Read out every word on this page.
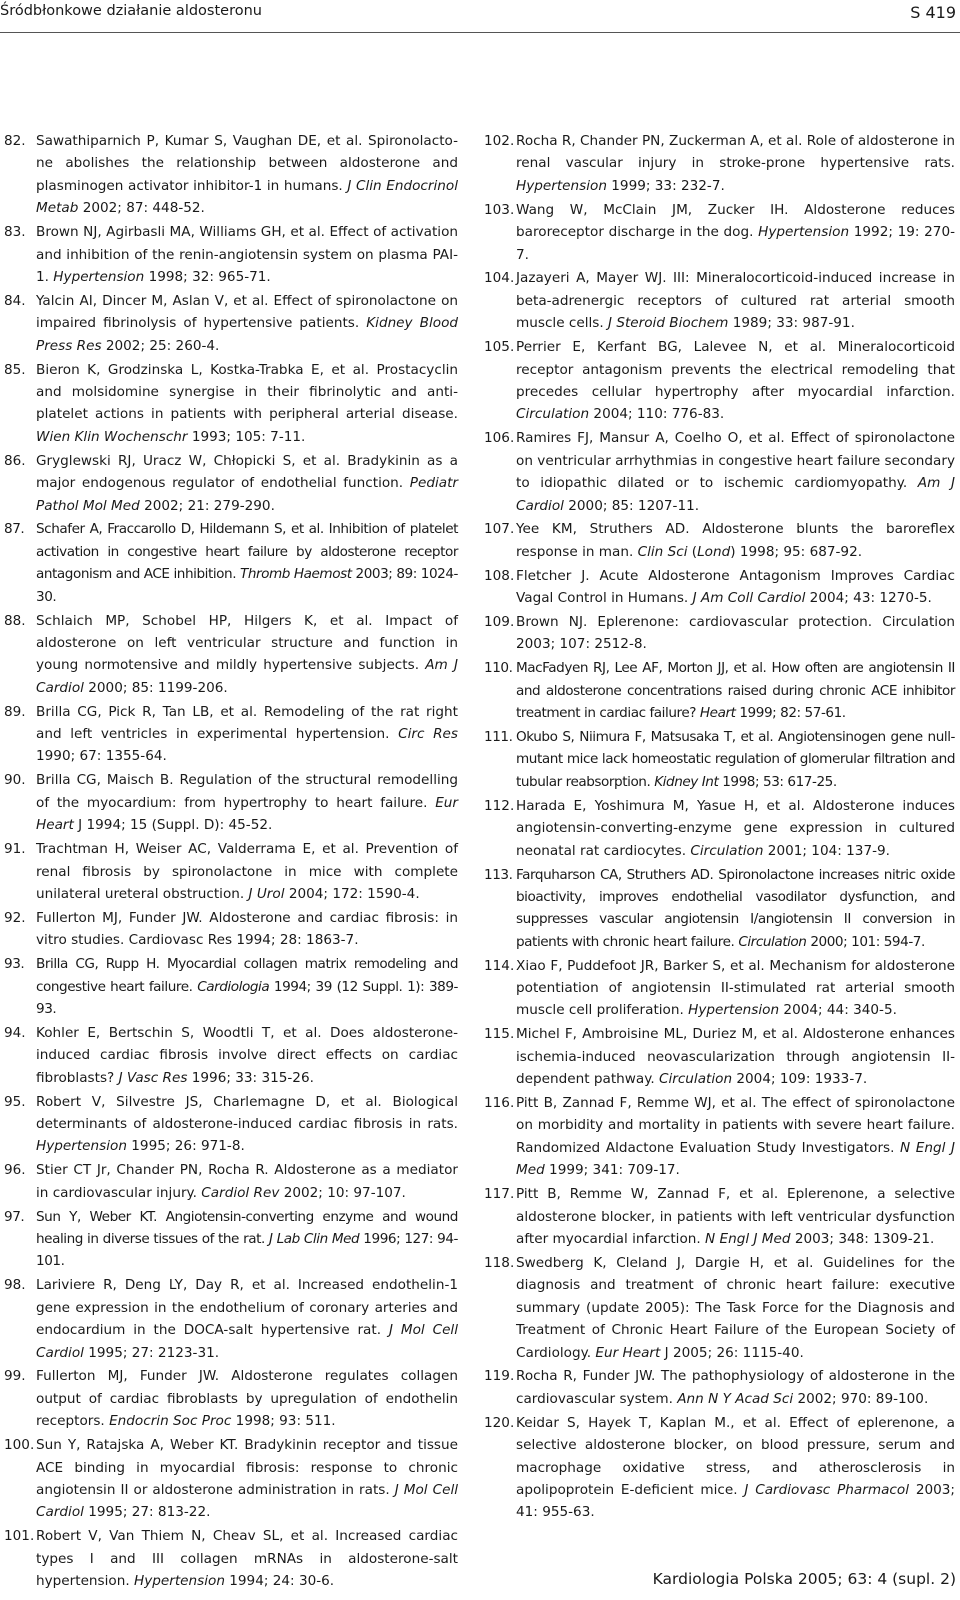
Śródbłonkowe działanie aldosteronu	S 419
82. Sawathiparnich P, Kumar S, Vaughan DE, et al. Spironolacto-ne abolishes the relationship between aldosterone and plasminogen activator inhibitor-1 in humans. J Clin Endocrinol Metab 2002; 87: 448-52.
83. Brown NJ, Agirbasli MA, Williams GH, et al. Effect of activation and inhibition of the renin-angiotensin system on plasma PAI-1. Hypertension 1998; 32: 965-71.
84. Yalcin AI, Dincer M, Aslan V, et al. Effect of spironolactone on impaired fibrinolysis of hypertensive patients. Kidney Blood Press Res 2002; 25: 260-4.
85. Bieron K, Grodzinska L, Kostka-Trabka E, et al. Prostacyclin and molsidomine synergise in their fibrinolytic and anti-platelet actions in patients with peripheral arterial disease. Wien Klin Wochenschr 1993; 105: 7-11.
86. Gryglewski RJ, Uracz W, Chłopicki S, et al. Bradykinin as a major endogenous regulator of endothelial function. Pediatr Pathol Mol Med 2002; 21: 279-290.
87. Schafer A, Fraccarollo D, Hildemann S, et al. Inhibition of platelet activation in congestive heart failure by aldosterone receptor antagonism and ACE inhibition. Thromb Haemost 2003; 89: 1024-30.
88. Schlaich MP, Schobel HP, Hilgers K, et al. Impact of aldosterone on left ventricular structure and function in young normotensive and mildly hypertensive subjects. Am J Cardiol 2000; 85: 1199-206.
89. Brilla CG, Pick R, Tan LB, et al. Remodeling of the rat right and left ventricles in experimental hypertension. Circ Res 1990; 67: 1355-64.
90. Brilla CG, Maisch B. Regulation of the structural remodelling of the myocardium: from hypertrophy to heart failure. Eur Heart J 1994; 15 (Suppl. D): 45-52.
91. Trachtman H, Weiser AC, Valderrama E, et al. Prevention of renal fibrosis by spironolactone in mice with complete unilateral ureteral obstruction. J Urol 2004; 172: 1590-4.
92. Fullerton MJ, Funder JW. Aldosterone and cardiac fibrosis: in vitro studies. Cardiovasc Res 1994; 28: 1863-7.
93. Brilla CG, Rupp H. Myocardial collagen matrix remodeling and congestive heart failure. Cardiologia 1994; 39 (12 Suppl. 1): 389-93.
94. Kohler E, Bertschin S, Woodtli T, et al. Does aldosterone-induced cardiac fibrosis involve direct effects on cardiac fibroblasts? J Vasc Res 1996; 33: 315-26.
95. Robert V, Silvestre JS, Charlemagne D, et al. Biological determinants of aldosterone-induced cardiac fibrosis in rats. Hypertension 1995; 26: 971-8.
96. Stier CT Jr, Chander PN, Rocha R. Aldosterone as a mediator in cardiovascular injury. Cardiol Rev 2002; 10: 97-107.
97. Sun Y, Weber KT. Angiotensin-converting enzyme and wound healing in diverse tissues of the rat. J Lab Clin Med 1996; 127: 94-101.
98. Lariviere R, Deng LY, Day R, et al. Increased endothelin-1 gene expression in the endothelium of coronary arteries and endocardium in the DOCA-salt hypertensive rat. J Mol Cell Cardiol 1995; 27: 2123-31.
99. Fullerton MJ, Funder JW. Aldosterone regulates collagen output of cardiac fibroblasts by upregulation of endothelin receptors. Endocrin Soc Proc 1998; 93: 511.
100. Sun Y, Ratajska A, Weber KT. Bradykinin receptor and tissue ACE binding in myocardial fibrosis: response to chronic angiotensin II or aldosterone administration in rats. J Mol Cell Cardiol 1995; 27: 813-22.
101. Robert V, Van Thiem N, Cheav SL, et al. Increased cardiac types I and III collagen mRNAs in aldosterone-salt hypertension. Hypertension 1994; 24: 30-6.
102. Rocha R, Chander PN, Zuckerman A, et al. Role of aldosterone in renal vascular injury in stroke-prone hypertensive rats. Hypertension 1999; 33: 232-7.
103. Wang W, McClain JM, Zucker IH. Aldosterone reduces baroreceptor discharge in the dog. Hypertension 1992; 19: 270-7.
104. Jazayeri A, Mayer WJ. III: Mineralocorticoid-induced increase in beta-adrenergic receptors of cultured rat arterial smooth muscle cells. J Steroid Biochem 1989; 33: 987-91.
105. Perrier E, Kerfant BG, Lalevee N, et al. Mineralocorticoid receptor antagonism prevents the electrical remodeling that precedes cellular hypertrophy after myocardial infarction. Circulation 2004; 110: 776-83.
106. Ramires FJ, Mansur A, Coelho O, et al. Effect of spironolactone on ventricular arrhythmias in congestive heart failure secondary to idiopathic dilated or to ischemic cardiomyopathy. Am J Cardiol 2000; 85: 1207-11.
107. Yee KM, Struthers AD. Aldosterone blunts the baroreflex response in man. Clin Sci (Lond) 1998; 95: 687-92.
108. Fletcher J. Acute Aldosterone Antagonism Improves Cardiac Vagal Control in Humans. J Am Coll Cardiol 2004; 43: 1270-5.
109. Brown NJ. Eplerenone: cardiovascular protection. Circulation 2003; 107: 2512-8.
110. MacFadyen RJ, Lee AF, Morton JJ, et al. How often are angiotensin II and aldosterone concentrations raised during chronic ACE inhibitor treatment in cardiac failure? Heart 1999; 82: 57-61.
111. Okubo S, Niimura F, Matsusaka T, et al. Angiotensinogen gene null-mutant mice lack homeostatic regulation of glomerular filtration and tubular reabsorption. Kidney Int 1998; 53: 617-25.
112. Harada E, Yoshimura M, Yasue H, et al. Aldosterone induces angiotensin-converting-enzyme gene expression in cultured neonatal rat cardiocytes. Circulation 2001; 104: 137-9.
113. Farquharson CA, Struthers AD. Spironolactone increases nitric oxide bioactivity, improves endothelial vasodilator dysfunction, and suppresses vascular angiotensin I/angiotensin II conversion in patients with chronic heart failure. Circulation 2000; 101: 594-7.
114. Xiao F, Puddefoot JR, Barker S, et al. Mechanism for aldosterone potentiation of angiotensin II-stimulated rat arterial smooth muscle cell proliferation. Hypertension 2004; 44: 340-5.
115. Michel F, Ambroisine ML, Duriez M, et al. Aldosterone enhances ischemia-induced neovascularization through angiotensin II-dependent pathway. Circulation 2004; 109: 1933-7.
116. Pitt B, Zannad F, Remme WJ, et al. The effect of spironolactone on morbidity and mortality in patients with severe heart failure. Randomized Aldactone Evaluation Study Investigators. N Engl J Med 1999; 341: 709-17.
117. Pitt B, Remme W, Zannad F, et al. Eplerenone, a selective aldosterone blocker, in patients with left ventricular dysfunction after myocardial infarction. N Engl J Med 2003; 348: 1309-21.
118. Swedberg K, Cleland J, Dargie H, et al. Guidelines for the diagnosis and treatment of chronic heart failure: executive summary (update 2005): The Task Force for the Diagnosis and Treatment of Chronic Heart Failure of the European Society of Cardiology. Eur Heart J 2005; 26: 1115-40.
119. Rocha R, Funder JW. The pathophysiology of aldosterone in the cardiovascular system. Ann N Y Acad Sci 2002; 970: 89-100.
120. Keidar S, Hayek T, Kaplan M., et al. Effect of eplerenone, a selective aldosterone blocker, on blood pressure, serum and macrophage oxidative stress, and atherosclerosis in apolipoprotein E-deficient mice. J Cardiovasc Pharmacol 2003; 41: 955-63.
Kardiologia Polska 2005; 63: 4 (supl. 2)
